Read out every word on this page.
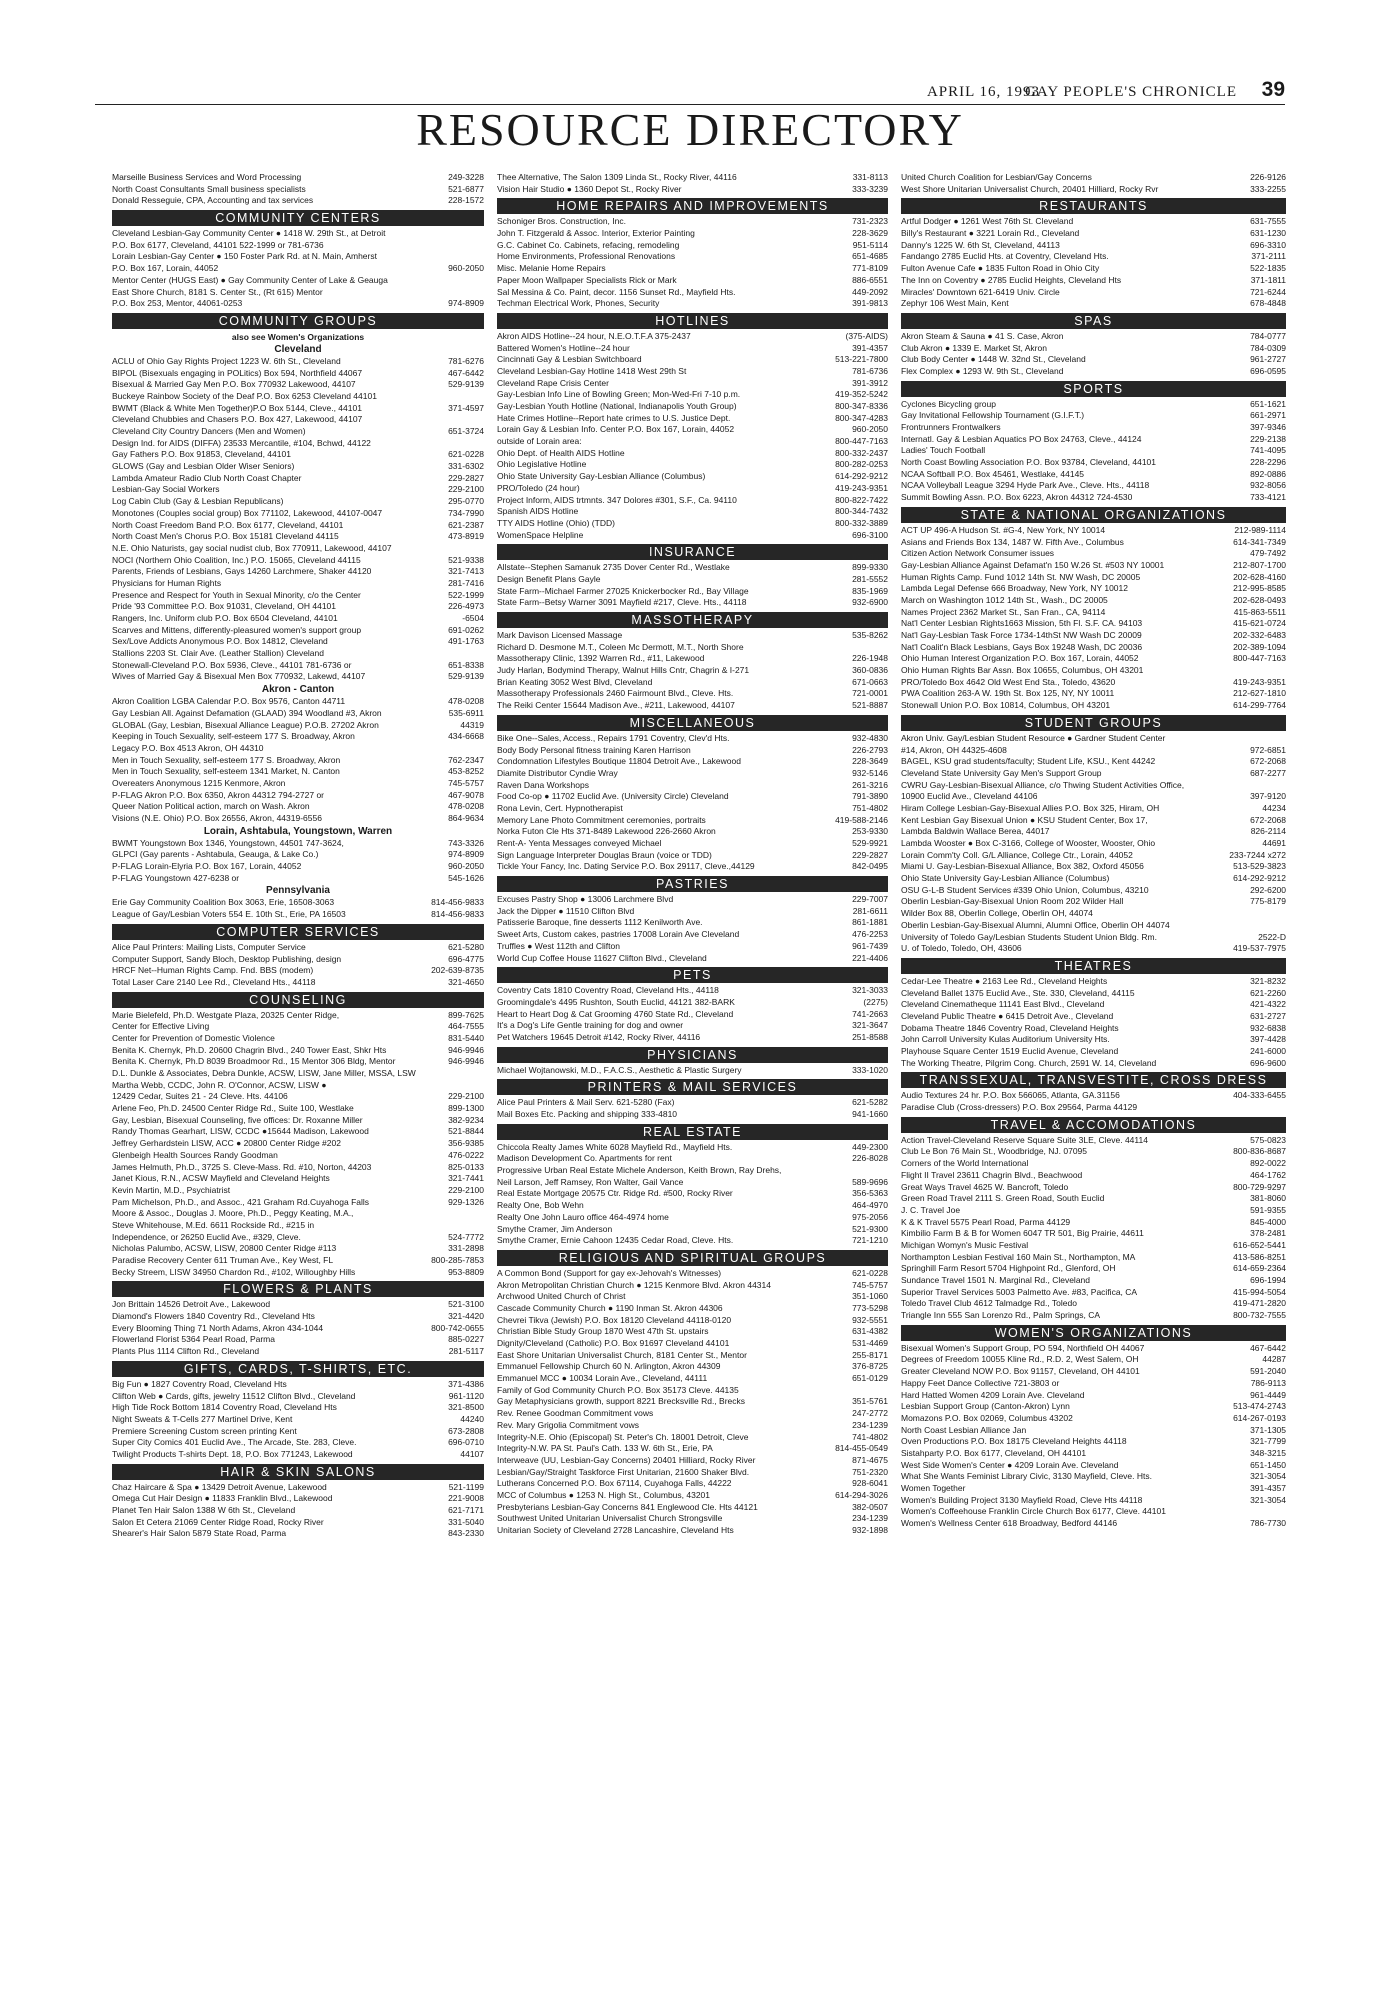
APRIL 16, 1993
GAY PEOPLE'S CHRONICLE 39
RESOURCE DIRECTORY
Marseille Business Services and Word Processing	249-3228
North Coast Consultants Small business specialists	521-6877
Donald Resseguie, CPA, Accounting and tax services	228-1572
COMMUNITY CENTERS
Cleveland Lesbian-Gay Community Center ● 1418 W. 29th St., at Detroit
P.O. Box 6177, Cleveland, 44101 522-1999 or 781-6736
Lorain Lesbian-Gay Center ● 150 Foster Park Rd. at N. Main, Amherst
P.O. Box 167, Lorain, 44052	960-2050
Mentor Center (HUGS East) ● Gay Community Center of Lake & Geauga
East Shore Church, 8181 S. Center St., (Rt 615) Mentor
P.O. Box 253, Mentor, 44061-0253	974-8909
COMMUNITY GROUPS
also see Women's Organizations
Cleveland
ACLU of Ohio Gay Rights Project 1223 W. 6th St., Cleveland	781-6276
BIPOL (Bisexuals engaging in POLitics) Box 594, Northfield 44067	467-6442
Bisexual & Married Gay Men P.O. Box 770932 Lakewood, 44107	529-9139
Buckeye Rainbow Society of the Deaf P.O. Box 6253 Cleveland 44101
BWMT (Black & White Men Together)P.O Box 5144, Cleve., 44101	371-4597
Cleveland Chubbies and Chasers P.O. Box 427, Lakewood, 44107
Cleveland City Country Dancers (Men and Women)	651-3724
Design Ind. for AIDS (DIFFA) 23533 Mercantile, #104, Bchwd, 44122
Gay Fathers P.O. Box 91853, Cleveland, 44101	621-0228
GLOWS (Gay and Lesbian Older Wiser Seniors)	331-6302
Lambda Amateur Radio Club North Coast Chapter	229-2827
Lesbian-Gay Social Workers	229-2100
Log Cabin Club (Gay & Lesbian Republicans)	295-0770
Monotones (Couples social group) Box 771102, Lakewood, 44107-0047	734-7990
North Coast Freedom Band P.O. Box 6177, Cleveland, 44101	621-2387
North Coast Men's Chorus P.O. Box 15181 Cleveland 44115	473-8919
N.E. Ohio Naturists, gay social nudist club, Box 770911, Lakewood, 44107
NOCI (Northern Ohio Coalition, Inc.) P.O. 15065, Cleveland 44115	521-9338
Parents, Friends of Lesbians, Gays 14260 Larchmere, Shaker 44120	321-7413
Physicians for Human Rights	281-7416
Presence and Respect for Youth in Sexual Minority, c/o the Center	522-1999
Pride '93 Committee P.O. Box 91031, Cleveland, OH 44101	226-4973
Rangers, Inc. Uniform club P.O. Box 6504 Cleveland, 44101	-6504
Scarves and Mittens, differently-pleasured women's support group	691-0262
Sex/Love Addicts Anonymous P.O. Box 14812, Cleveland	491-1763
Stallions 2203 St. Clair Ave. (Leather Stallion) Cleveland
Stonewall-Cleveland P.O. Box 5936, Cleve., 44101 781-6736 or	651-8338
Wives of Married Gay & Bisexual Men Box 770932, Lakewd, 44107	529-9139
Akron - Canton
Akron Coalition LGBA Calendar P.O. Box 9576, Canton 44711	478-0208
Gay Lesbian All. Against Defamation (GLAAD) 394 Woodland #3, Akron	535-6911
GLOBAL (Gay, Lesbian, Bisexual Alliance League) P.O.B. 27202 Akron	44319
Keeping in Touch Sexuality, self-esteem 177 S. Broadway, Akron	434-6668
Legacy P.O. Box 4513 Akron, OH 44310
Men in Touch Sexuality, self-esteem 177 S. Broadway, Akron	762-2347
Men in Touch Sexuality, self-esteem 1341 Market, N. Canton	453-8252
Overeaters Anonymous 1215 Kenmore, Akron	745-5757
P-FLAG Akron P.O. Box 6350, Akron 44312 794-2727 or	467-9078
Queer Nation Political action, march on Wash. Akron	478-0208
Visions (N.E. Ohio) P.O. Box 26556, Akron, 44319-6556	864-9634
Lorain, Ashtabula, Youngstown, Warren
BWMT Youngstown Box 1346, Youngstown, 44501 747-3624,	743-3326
GLPCI (Gay parents - Ashtabula, Geauga, & Lake Co.)	974-8909
P-FLAG Lorain-Elyria P.O. Box 167, Lorain, 44052	960-2050
P-FLAG Youngstown 427-6238 or	545-1626
Pennsylvania
Erie Gay Community Coalition Box 3063, Erie, 16508-3063	814-456-9833
League of Gay/Lesbian Voters 554 E. 10th St., Erie, PA 16503	814-456-9833
COMPUTER SERVICES
Alice Paul Printers: Mailing Lists, Computer Service	621-5280
Computer Support, Sandy Bloch, Desktop Publishing, design	696-4775
HRCF Net--Human Rights Camp. Fnd. BBS (modem)	202-639-8735
Total Laser Care 2140 Lee Rd., Cleveland Hts., 44118	321-4650
COUNSELING
Marie Bielefeld, Ph.D. Westgate Plaza, 20325 Center Ridge,	899-7625
Center for Effective Living	464-7555
Center for Prevention of Domestic Violence	831-5440
Benita K. Chernyk, Ph.D. 20600 Chagrin Blvd., 240 Tower East, Shkr Hts	946-9946
Benita K. Chernyk, Ph.D 8039 Broadmoor Rd., 15 Mentor 306 Bldg, Mentor	946-9946
D.L. Dunkle & Associates, Debra Dunkle, ACSW, LISW, Jane Miller, MSSA, LSW
Martha Webb, CCDC, John R. O'Connor, ACSW, LISW ●
12429 Cedar, Suites 21 - 24 Cleve. Hts. 44106	229-2100
Arlene Feo, Ph.D. 24500 Center Ridge Rd., Suite 100, Westlake	899-1300
Gay, Lesbian, Bisexual Counseling, five offices: Dr. Roxanne Miller	382-9234
Randy Thomas Gearhart, LISW, CCDC ●15644 Madison, Lakewood	521-8844
Jeffrey Gerhardstein LISW, ACC ● 20800 Center Ridge #202	356-9385
Glenbeigh Health Sources Randy Goodman	476-0222
James Helmuth, Ph.D., 3725 S. Cleve-Mass. Rd. #10, Norton, 44203	825-0133
Janet Kious, R.N., ACSW Mayfield and Cleveland Heights	321-7441
Kevin Martin, M.D., Psychiatrist	229-2100
Pam Michelson, Ph.D., and Assoc., 421 Graham Rd.Cuyahoga Falls	929-1326
Moore & Assoc., Douglas J. Moore, Ph.D., Peggy Keating, M.A.,
Steve Whitehouse, M.Ed. 6611 Rockside Rd., #215 in
Independence, or 26250 Euclid Ave., #329, Cleve.	524-7772
Nicholas Palumbo, ACSW, LISW, 20800 Center Ridge #113	331-2898
Paradise Recovery Center 611 Truman Ave., Key West, FL	800-285-7853
Becky Streem, LISW 34950 Chardon Rd., #102, Willoughby Hills	953-8809
FLOWERS & PLANTS
Jon Brittain 14526 Detroit Ave., Lakewood	521-3100
Diamond's Flowers 1840 Coventry Rd., Cleveland Hts	321-4420
Every Blooming Thing 71 North Adams, Akron 434-1044	800-742-0655
Flowerland Florist 5364 Pearl Road, Parma	885-0227
Plants Plus 1114 Clifton Rd., Cleveland	281-5117
GIFTS, CARDS, T-SHIRTS, ETC.
Big Fun ● 1827 Coventry Road, Cleveland Hts	371-4386
Clifton Web ● Cards, gifts, jewelry 11512 Clifton Blvd., Cleveland	961-1120
High Tide Rock Bottom 1814 Coventry Road, Cleveland Hts	321-8500
Night Sweats & T-Cells 277 Martinel Drive, Kent	44240
Premiere Screening Custom screen printing Kent	673-2808
Super City Comics 401 Euclid Ave., The Arcade, Ste. 283, Cleve.	696-0710
Twilight Products T-shirts Dept. 18, P.O. Box 771243, Lakewood	44107
HAIR & SKIN SALONS
Chaz Haircare & Spa ● 13429 Detroit Avenue, Lakewood	521-1199
Omega Cut Hair Design ● 11833 Franklin Blvd., Lakewood	221-9008
Planet Ten Hair Salon 1388 W 6th St., Cleveland	621-7171
Salon Et Cetera 21069 Center Ridge Road, Rocky River	331-5040
Shearer's Hair Salon 5879 State Road, Parma	843-2330
Thee Alternative, The Salon 1309 Linda St., Rocky River, 44116	331-8113
Vision Hair Studio ● 1360 Depot St., Rocky River	333-3239
HOME REPAIRS AND IMPROVEMENTS
Schoniger Bros. Construction, Inc.	731-2323
John T. Fitzgerald & Assoc. Interior, Exterior Painting	228-3629
G.C. Cabinet Co. Cabinets, refacing, remodeling	951-5114
Home Environments, Professional Renovations	651-4685
Misc. Melanie Home Repairs	771-8109
Paper Moon Wallpaper Specialists Rick or Mark	886-6551
Sal Messina & Co. Paint, decor. 1156 Sunset Rd., Mayfield Hts.	449-2092
Techman Electrical Work, Phones, Security	391-9813
HOTLINES
Akron AIDS Hotline--24 hour, N.E.O.T.F.A 375-2437	(375-AIDS)
Battered Women's Hotline--24 hour	391-4357
Cincinnati Gay & Lesbian Switchboard	513-221-7800
Cleveland Lesbian-Gay Hotline 1418 West 29th St	781-6736
Cleveland Rape Crisis Center	391-3912
Gay-Lesbian Info Line of Bowling Green; Mon-Wed-Fri 7-10 p.m.	419-352-5242
Gay-Lesbian Youth Hotline (National, Indianapolis Youth Group)	800-347-8336
Hate Crimes Hotline--Report hate crimes to U.S. Justice Dept.	800-347-4283
Lorain Gay & Lesbian Info. Center P.O. Box 167, Lorain, 44052	960-2050
outside of Lorain area:	800-447-7163
Ohio Dept. of Health AIDS Hotline	800-332-2437
Ohio Legislative Hotline	800-282-0253
Ohio State University Gay-Lesbian Alliance (Columbus)	614-292-9212
PRO/Toledo (24 hour)	419-243-9351
Project Inform, AIDS trtmnts. 347 Dolores #301, S.F., Ca. 94110	800-822-7422
Spanish AIDS Hotline	800-344-7432
TTY AIDS Hotline (Ohio) (TDD)	800-332-3889
WomenSpace Helpline	696-3100
INSURANCE
Allstate--Stephen Samanuk 2735 Dover Center Rd., Westlake	899-9330
Design Benefit Plans Gayle	281-5552
State Farm--Michael Farmer 27025 Knickerbocker Rd., Bay Village	835-1969
State Farm--Betsy Warner 3091 Mayfield #217, Cleve. Hts., 44118	932-6900
MASSOTHERAPY
Mark Davison Licensed Massage	535-8262
Richard D. Desmone M.T., Coleen Mc Dermott, M.T., North Shore
Massotherapy Clinic, 1392 Warren Rd., #11, Lakewood	226-1948
Judy Harlan, Bodymind Therapy, Walnut Hills Cntr, Chagrin & I-271	360-0836
Brian Keating 3052 West Blvd, Cleveland	671-0663
Massotherapy Professionals 2460 Fairmount Blvd., Cleve. Hts.	721-0001
The Reiki Center 15644 Madison Ave., #211, Lakewood, 44107	521-8887
MISCELLANEOUS
Bike One--Sales, Access., Repairs 1791 Coventry, Clev'd Hts.	932-4830
Body Body Personal fitness training Karen Harrison	226-2793
Condomnation Lifestyles Boutique 11804 Detroit Ave., Lakewood	228-3649
Diamite Distributor Cyndie Wray	932-5146
Raven Dana Workshops	261-3216
Food Co-op ● 11702 Euclid Ave. (University Circle) Cleveland	791-3890
Rona Levin, Cert. Hypnotherapist	751-4802
Memory Lane Photo Commitment ceremonies, portraits	419-588-2146
Norka Futon Cle Hts 371-8489 Lakewood 226-2660 Akron	253-9330
Rent-A- Yenta Messages conveyed Michael	529-9921
Sign Language Interpreter Douglas Braun (voice or TDD)	229-2827
Tickle Your Fancy, Inc. Dating Service P.O. Box 29117, Cleve.,44129	842-0495
PASTRIES
Excuses Pastry Shop ● 13006 Larchmere Blvd	229-7007
Jack the Dipper ● 11510 Clifton Blvd	281-6611
Patisserie Baroque, fine desserts 1112 Kenilworth Ave.	861-1881
Sweet Arts, Custom cakes, pastries 17008 Lorain Ave Cleveland	476-2253
Truffles ● West 112th and Clifton	961-7439
World Cup Coffee House 11627 Clifton Blvd., Cleveland	221-4406
PETS
Coventry Cats 1810 Coventry Road, Cleveland Hts., 44118	321-3033
Groomingdale's 4495 Rushton, South Euclid, 44121 382-BARK	(2275)
Heart to Heart Dog & Cat Grooming 4760 State Rd., Cleveland	741-2663
It's a Dog's Life Gentle training for dog and owner	321-3647
Pet Watchers 19645 Detroit #142, Rocky River, 44116	251-8588
PHYSICIANS
Michael Wojtanowski, M.D., F.A.C.S., Aesthetic & Plastic Surgery	333-1020
PRINTERS & MAIL SERVICES
Alice Paul Printers & Mail Serv. 621-5280 (Fax)	621-5282
Mail Boxes Etc. Packing and shipping 333-4810	941-1660
REAL ESTATE
Chiccola Realty James White 6028 Mayfield Rd., Mayfield Hts.	449-2300
Madison Development Co. Apartments for rent	226-8028
Progressive Urban Real Estate Michele Anderson, Keith Brown, Ray Drehs,
Neil Larson, Jeff Ramsey, Ron Walter, Gail Vance	589-9696
Real Estate Mortgage 20575 Ctr. Ridge Rd. #500, Rocky River	356-5363
Realty One, Bob Wehn	464-4970
Realty One John Lauro office 464-4974 home	975-2056
Smythe Cramer, Jim Anderson	521-9300
Smythe Cramer, Ernie Cahoon 12435 Cedar Road, Cleve. Hts.	721-1210
RELIGIOUS AND SPIRITUAL GROUPS
A Common Bond (Support for gay ex-Jehovah's Witnesses)	621-0228
Akron Metropolitan Christian Church ● 1215 Kenmore Blvd. Akron 44314	745-5757
Archwood United Church of Christ	351-1060
Cascade Community Church ● 1190 Inman St. Akron 44306	773-5298
Chevrei Tikva (Jewish) P.O. Box 18120 Cleveland 44118-0120	932-5551
Christian Bible Study Group 1870 West 47th St. upstairs	631-4382
Dignity/Cleveland (Catholic) P.O. Box 91697 Cleveland 44101	531-4469
East Shore Unitarian Universalist Church, 8181 Center St., Mentor	255-8171
Emmanuel Fellowship Church 60 N. Arlington, Akron 44309	376-8725
Emmanuel MCC ● 10034 Lorain Ave., Cleveland, 44111	651-0129
Family of God Community Church P.O. Box 35173 Cleve. 44135
Gay Metaphysicians growth, support 8221 Brecksville Rd., Brecks	351-5761
Rev. Renee Goodman Commitment vows	247-2772
Rev. Mary Grigolia Commitment vows	234-1239
Integrity-N.E. Ohio (Episcopal) St. Peter's Ch. 18001 Detroit, Cleve	741-4802
Integrity-N.W. PA St. Paul's Cath. 133 W. 6th St., Erie, PA	814-455-0549
Interweave (UU, Lesbian-Gay Concerns) 20401 Hilliard, Rocky River	871-4675
Lesbian/Gay/Straight Taskforce First Unitarian, 21600 Shaker Blvd.	751-2320
Lutherans Concerned P.O. Box 67114, Cuyahoga Falls, 44222	928-6041
MCC of Columbus ● 1253 N. High St., Columbus, 43201	614-294-3026
Presbyterians Lesbian-Gay Concerns 841 Englewood Cle. Hts 44121	382-0507
Southwest United Unitarian Universalist Church Strongsville	234-1239
Unitarian Society of Cleveland 2728 Lancashire, Cleveland Hts	932-1898
United Church Coalition for Lesbian/Gay Concerns	226-9126
West Shore Unitarian Universalist Church, 20401 Hilliard, Rocky Rvr	333-2255
RESTAURANTS
Artful Dodger ● 1261 West 76th St. Cleveland	631-7555
Billy's Restaurant ● 3221 Lorain Rd., Cleveland	631-1230
Danny's 1225 W. 6th St, Cleveland, 44113	696-3310
Fandango 2785 Euclid Hts. at Coventry, Cleveland Hts.	371-2111
Fulton Avenue Cafe ● 1835 Fulton Road in Ohio City	522-1835
The Inn on Coventry ● 2785 Euclid Heights, Cleveland Hts	371-1811
Miracles' Downtown 621-6419 Univ. Circle	721-6244
Zephyr 106 West Main, Kent	678-4848
SPAS
Akron Steam & Sauna ● 41 S. Case, Akron	784-0777
Club Akron ● 1339 E. Market St, Akron	784-0309
Club Body Center ● 1448 W. 32nd St., Cleveland	961-2727
Flex Complex ● 1293 W. 9th St., Cleveland	696-0595
SPORTS
Cyclones Bicycling group	651-1621
Gay Invitational Fellowship Tournament (G.I.F.T.)	661-2971
Frontrunners Frontwalkers	397-9346
Internatl. Gay & Lesbian Aquatics PO Box 24763, Cleve., 44124	229-2138
Ladies' Touch Football	741-4095
North Coast Bowling Association P.O. Box 93784, Cleveland, 44101	228-2296
NCAA Softball P.O. Box 45461, Westlake, 44145	892-0886
NCAA Volleyball League 3294 Hyde Park Ave., Cleve. Hts., 44118	932-8056
Summit Bowling Assn. P.O. Box 6223, Akron 44312 724-4530	733-4121
STATE & NATIONAL ORGANIZATIONS
ACT UP 496-A Hudson St. #G-4, New York, NY 10014	212-989-1114
Asians and Friends Box 134, 1487 W. Fifth Ave., Columbus	614-341-7349
Citizen Action Network Consumer issues	479-7492
Gay-Lesbian Alliance Against Defamat'n 150 W.26 St. #503 NY 10001	212-807-1700
Human Rights Camp. Fund 1012 14th St. NW Wash, DC 20005	202-628-4160
Lambda Legal Defense 666 Broadway, New York, NY 10012	212-995-8585
March on Washington 1012 14th St., Wash., DC 20005	202-628-0493
Names Project 2362 Market St., San Fran., CA, 94114	415-863-5511
Nat'l Center Lesbian Rights1663 Mission, 5th Fl. S.F. CA. 94103	415-621-0724
Nat'l Gay-Lesbian Task Force 1734-14thSt NW Wash DC 20009	202-332-6483
Nat'l Coalit'n Black Lesbians, Gays Box 19248 Wash, DC 20036	202-389-1094
Ohio Human Interest Organization P.O. Box 167, Lorain, 44052	800-447-7163
Ohio Human Rights Bar Assn. Box 10655, Columbus, OH 43201
PRO/Toledo Box 4642 Old West End Sta., Toledo, 43620	419-243-9351
PWA Coalition 263-A W. 19th St. Box 125, NY, NY 10011	212-627-1810
Stonewall Union P.O. Box 10814, Columbus, OH 43201	614-299-7764
STUDENT GROUPS
Akron Univ. Gay/Lesbian Student Resource ● Gardner Student Center
#14, Akron, OH 44325-4608	972-6851
BAGEL, KSU grad students/faculty; Student Life, KSU., Kent 44242	672-2068
Cleveland State University Gay Men's Support Group	687-2277
CWRU Gay-Lesbian-Bisexual Alliance, c/o Thwing Student Activities Office,
10900 Euclid Ave., Cleveland 44106	397-9120
Hiram College Lesbian-Gay-Bisexual Allies P.O. Box 325, Hiram, OH	44234
Kent Lesbian Gay Bisexual Union ● KSU Student Center, Box 17,	672-2068
Lambda Baldwin Wallace Berea, 44017	826-2114
Lambda Wooster ● Box C-3166, College of Wooster, Wooster, Ohio	44691
Lorain Comm'ty Coll. G/L Alliance, College Ctr., Lorain, 44052	233-7244 x272
Miami U. Gay-Lesbian-Bisexual Alliance, Box 382, Oxford 45056	513-529-3823
Ohio State University Gay-Lesbian Alliance (Columbus)	614-292-9212
OSU G-L-B Student Services #339 Ohio Union, Columbus, 43210	292-6200
Oberlin Lesbian-Gay-Bisexual Union Room 202 Wilder Hall	775-8179
Wilder Box 88, Oberlin College, Oberlin OH, 44074
Oberlin Lesbian-Gay-Bisexual Alumni, Alumni Office, Oberlin OH 44074
University of Toledo Gay/Lesbian Students Student Union Bldg. Rm.	2522-D
U. of Toledo, Toledo, OH, 43606	419-537-7975
THEATRES
Cedar-Lee Theatre ● 2163 Lee Rd., Cleveland Heights	321-8232
Cleveland Ballet 1375 Euclid Ave., Ste. 330, Cleveland, 44115	621-2260
Cleveland Cinematheque 11141 East Blvd., Cleveland	421-4322
Cleveland Public Theatre ● 6415 Detroit Ave., Cleveland	631-2727
Dobama Theatre 1846 Coventry Road, Cleveland Heights	932-6838
John Carroll University Kulas Auditorium University Hts.	397-4428
Playhouse Square Center 1519 Euclid Avenue, Cleveland	241-6000
The Working Theatre, Pilgrim Cong. Church, 2591 W. 14, Cleveland	696-9600
TRANSSEXUAL, TRANSVESTITE, CROSS DRESS
Audio Textures 24 hr. P.O. Box 566065, Atlanta, GA.31156	404-333-6455
Paradise Club (Cross-dressers) P.O. Box 29564, Parma 44129
TRAVEL & ACCOMODATIONS
Action Travel-Cleveland Reserve Square Suite 3LE, Cleve. 44114	575-0823
Club Le Bon 76 Main St., Woodbridge, NJ. 07095	800-836-8687
Corners of the World International	892-0022
Flight II Travel 23611 Chagrin Blvd., Beachwood	464-1762
Great Ways Travel 4625 W. Bancroft, Toledo	800-729-9297
Green Road Travel 2111 S. Green Road, South Euclid	381-8060
J. C. Travel Joe	591-9355
K & K Travel 5575 Pearl Road, Parma 44129	845-4000
Kimbilio Farm B & B for Women 6047 TR 501, Big Prairie, 44611	378-2481
Michigan Womyn's Music Festival	616-652-5441
Northampton Lesbian Festival 160 Main St., Northampton, MA	413-586-8251
Springhill Farm Resort 5704 Highpoint Rd., Glenford, OH	614-659-2364
Sundance Travel 1501 N. Marginal Rd., Cleveland	696-1994
Superior Travel Services 5003 Palmetto Ave. #83, Pacifica, CA	415-994-5054
Toledo Travel Club 4612 Talmadge Rd., Toledo	419-471-2820
Triangle Inn 555 San Lorenzo Rd., Palm Springs, CA	800-732-7555
WOMEN'S ORGANIZATIONS
Bisexual Women's Support Group, PO 594, Northfield OH 44067	467-6442
Degrees of Freedom 10055 Kline Rd., R.D. 2, West Salem, OH	44287
Greater Cleveland NOW P.O. Box 91157, Cleveland, OH 44101	591-2040
Happy Feet Dance Collective 721-3803 or	786-9113
Hard Hatted Women 4209 Lorain Ave. Cleveland	961-4449
Lesbian Support Group (Canton-Akron) Lynn	513-474-2743
Momazons P.O. Box 02069, Columbus 43202	614-267-0193
North Coast Lesbian Alliance Jan	371-1305
Oven Productions P.O. Box 18175 Cleveland Heights 44118	321-7799
Sistahparty P.O. Box 6177, Cleveland, OH 44101	348-3215
West Side Women's Center ● 4209 Lorain Ave. Cleveland	651-1450
What She Wants Feminist Library Civic, 3130 Mayfield, Cleve. Hts.	321-3054
Women Together	391-4357
Women's Building Project 3130 Mayfield Road, Cleve Hts 44118	321-3054
Women's Coffeehouse Franklin Circle Church Box 6177, Cleve. 44101
Women's Wellness Center 618 Broadway, Bedford 44146	786-7730
